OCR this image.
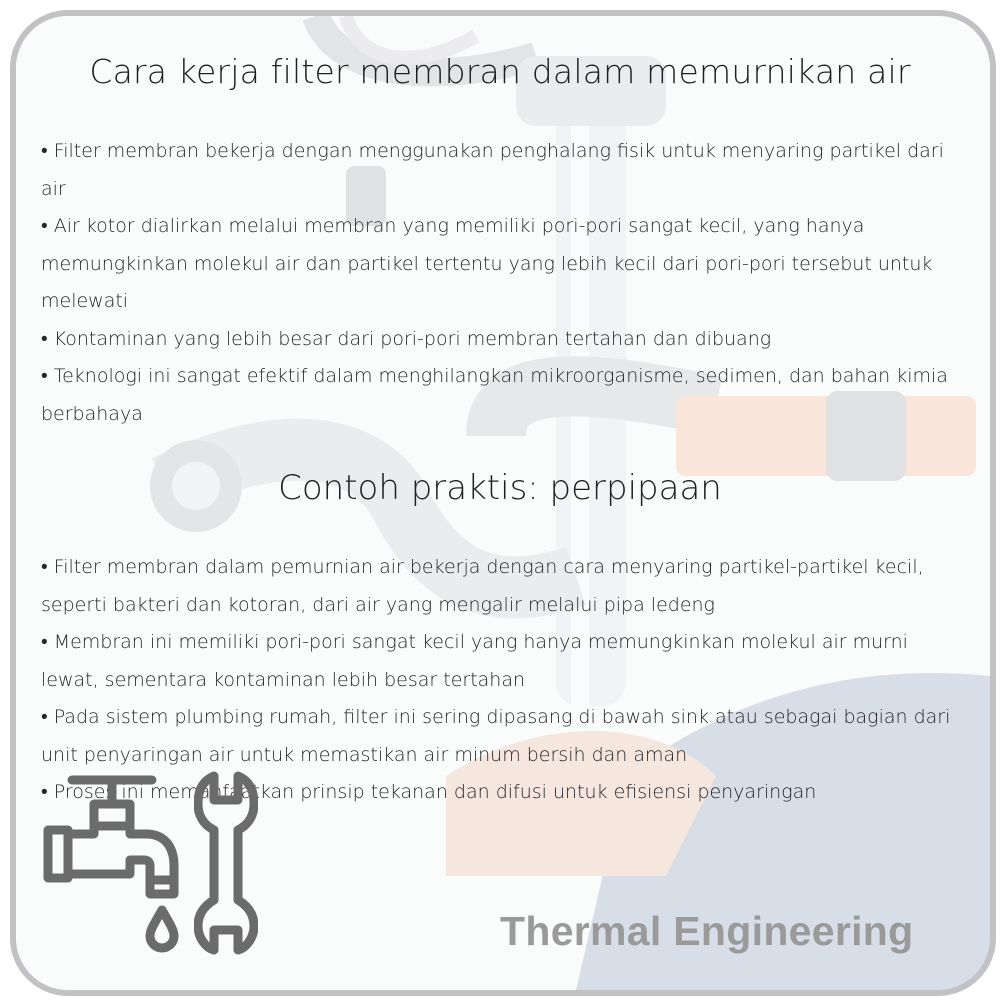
Cara kerja filter membran dalam memurnikan air
• Filter membran bekerja dengan menggunakan penghalang fisik untuk menyaring partikel dari air
• Air kotor dialirkan melalui membran yang memiliki pori-pori sangat kecil, yang hanya memungkinkan molekul air dan partikel tertentu yang lebih kecil dari pori-pori tersebut untuk melewati
• Kontaminan yang lebih besar dari pori-pori membran tertahan dan dibuang
• Teknologi ini sangat efektif dalam menghilangkan mikroorganisme, sedimen, dan bahan kimia berbahaya
Contoh praktis: perpipaan
• Filter membran dalam pemurnian air bekerja dengan cara menyaring partikel-partikel kecil, seperti bakteri dan kotoran, dari air yang mengalir melalui pipa ledeng
• Membran ini memiliki pori-pori sangat kecil yang hanya memungkinkan molekul air murni lewat, sementara kontaminan lebih besar tertahan
• Pada sistem plumbing rumah, filter ini sering dipasang di bawah sink atau sebagai bagian dari unit penyaringan air untuk memastikan air minum bersih dan aman
• Proses ini memanfaatkan prinsip tekanan dan difusi untuk efisiensi penyaringan
Thermal Engineering
